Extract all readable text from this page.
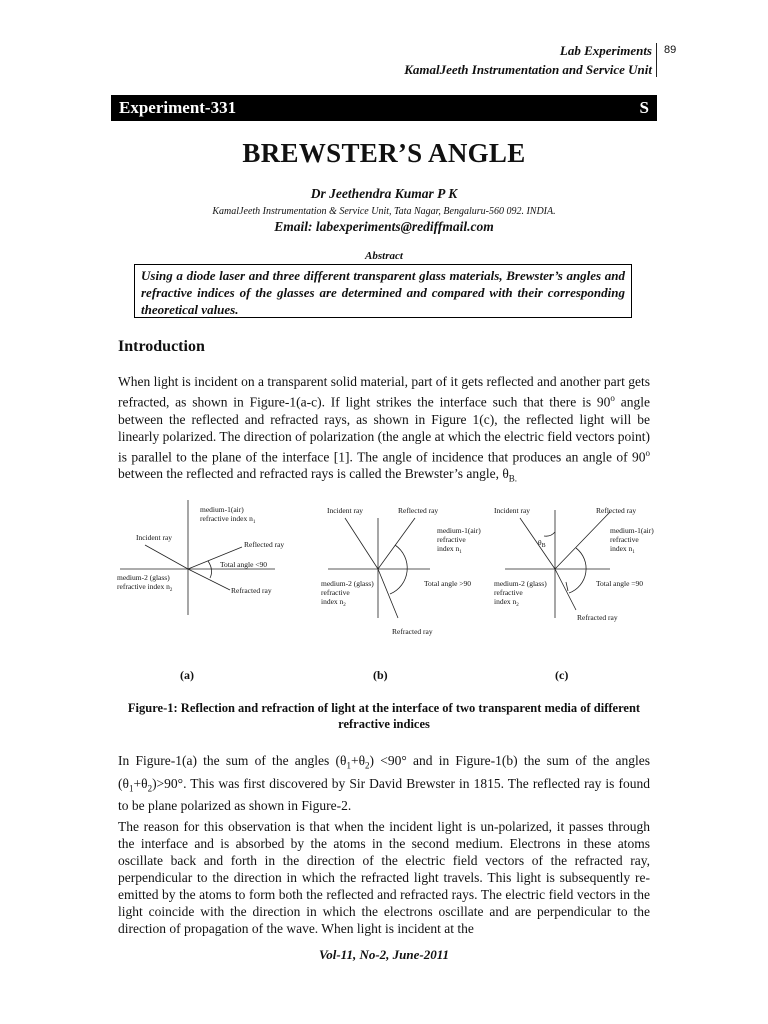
Lab Experiments
KamalJeeth Instrumentation and Service Unit
89
Experiment-331	S
BREWSTER’S ANGLE
Dr Jeethendra Kumar P K
KamalJeeth Instrumentation & Service Unit, Tata Nagar, Bengaluru-560 092. INDIA.
Email: labexperiments@rediffmail.com
Abstract
Using a diode laser and three different transparent glass materials, Brewster’s angles and refractive indices of the glasses are determined and compared with their corresponding theoretical values.
Introduction
When light is incident on a transparent solid material, part of it gets reflected and another part gets refracted, as shown in Figure-1(a-c). If light strikes the interface such that there is 90$^o$ angle between the reflected and refracted rays, as shown in Figure 1(c), the reflected light will be linearly polarized. The direction of polarization (the angle at which the electric field vectors point) is parallel to the plane of the interface [1]. The angle of incidence that produces an angle of 90$^o$ between the reflected and refracted rays is called the Brewster’s angle, $\theta_{B.}$
medium-1(air)
refractive index $n_1$
Incident ray
Reflected ray
Total angle <90
medium-2 (glass)
refractive index $n_2$	Refracted ray
Incident ray	Reflected ray
medium-1(air)
refractive
index $n_1$
medium-2 (glass)
refractive
index $n_2$
Total angle >90
Refracted ray
Incident ray	Reflected ray
$\theta_B$
medium-1(air)
refractive
index $n_1$
medium-2 (glass)
refractive
index $n_2$
Total angle =90
Refracted ray
(a)	(b)	(c)
Figure-1: Reflection and refraction of light at the interface of two transparent media of different refractive indices
In Figure-1(a) the sum of the angles $(\theta_1+\theta_2) <90^\circ$ and in Figure-1(b) the sum of the angles $(\theta_1+\theta_2)>90^\circ$. This was first discovered by Sir David Brewster in 1815. The reflected ray is found to be plane polarized as shown in Figure-2.
The reason for this observation is that when the incident light is un-polarized, it passes through the interface and is absorbed by the atoms in the second medium. Electrons in these atoms oscillate back and forth in the direction of the electric field vectors of the refracted ray, perpendicular to the direction in which the refracted light travels. This light is subsequently re-emitted by the atoms to form both the reflected and refracted rays. The electric field vectors in the light coincide with the direction in which the electrons oscillate and are perpendicular to the direction of propagation of the wave. When light is incident at the
Vol-11, No-2, June-2011
